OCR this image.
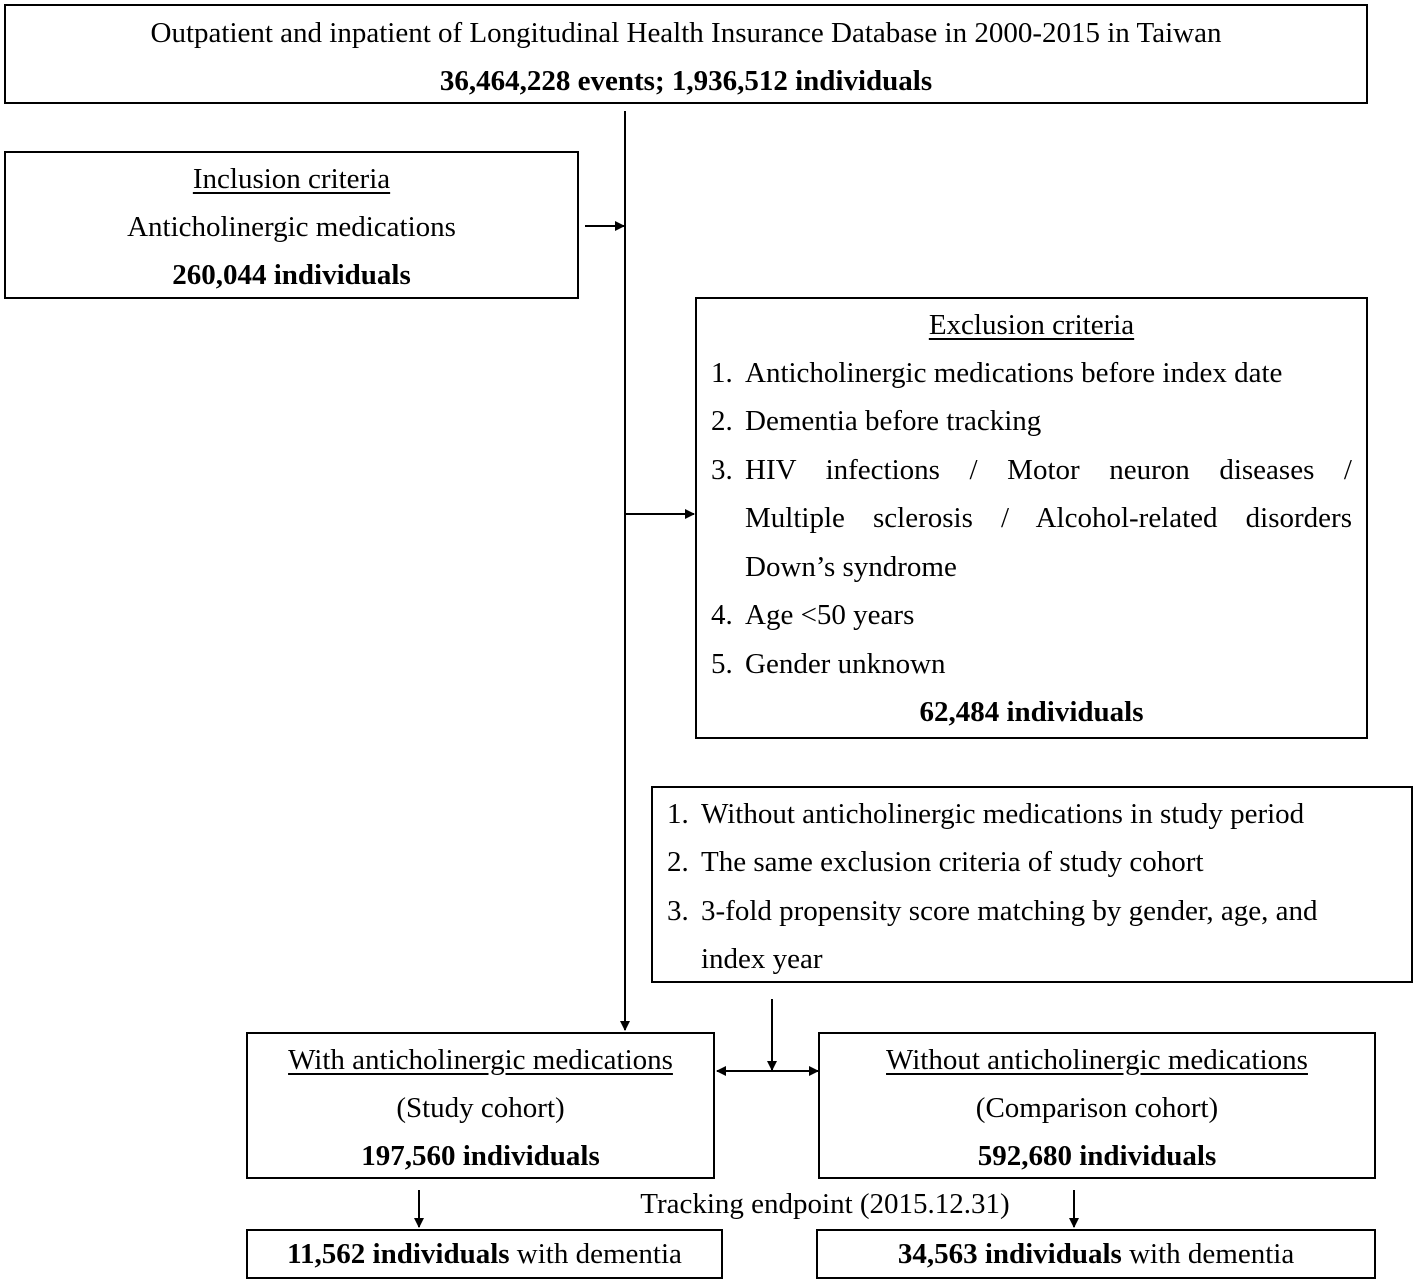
Outpatient and inpatient of Longitudinal Health Insurance Database in 2000-2015 in Taiwan
36,464,228 events; 1,936,512 individuals
Inclusion criteria
Anticholinergic medications
260,044 individuals
Exclusion criteria
1. Anticholinergic medications before index date
2. Dementia before tracking
3. HIV infections / Motor neuron diseases /
Multiple sclerosis / Alcohol-related disorders
Down’s syndrome
4. Age <50 years
5. Gender unknown
62,484 individuals
1. Without anticholinergic medications in study period
2. The same exclusion criteria of study cohort
3. 3-fold propensity score matching by gender, age, and
index year
With anticholinergic medications
(Study cohort)
197,560 individuals
Without anticholinergic medications
(Comparison cohort)
592,680 individuals
Tracking endpoint (2015.12.31)
11,562 individuals with dementia	34,563 individuals with dementia
